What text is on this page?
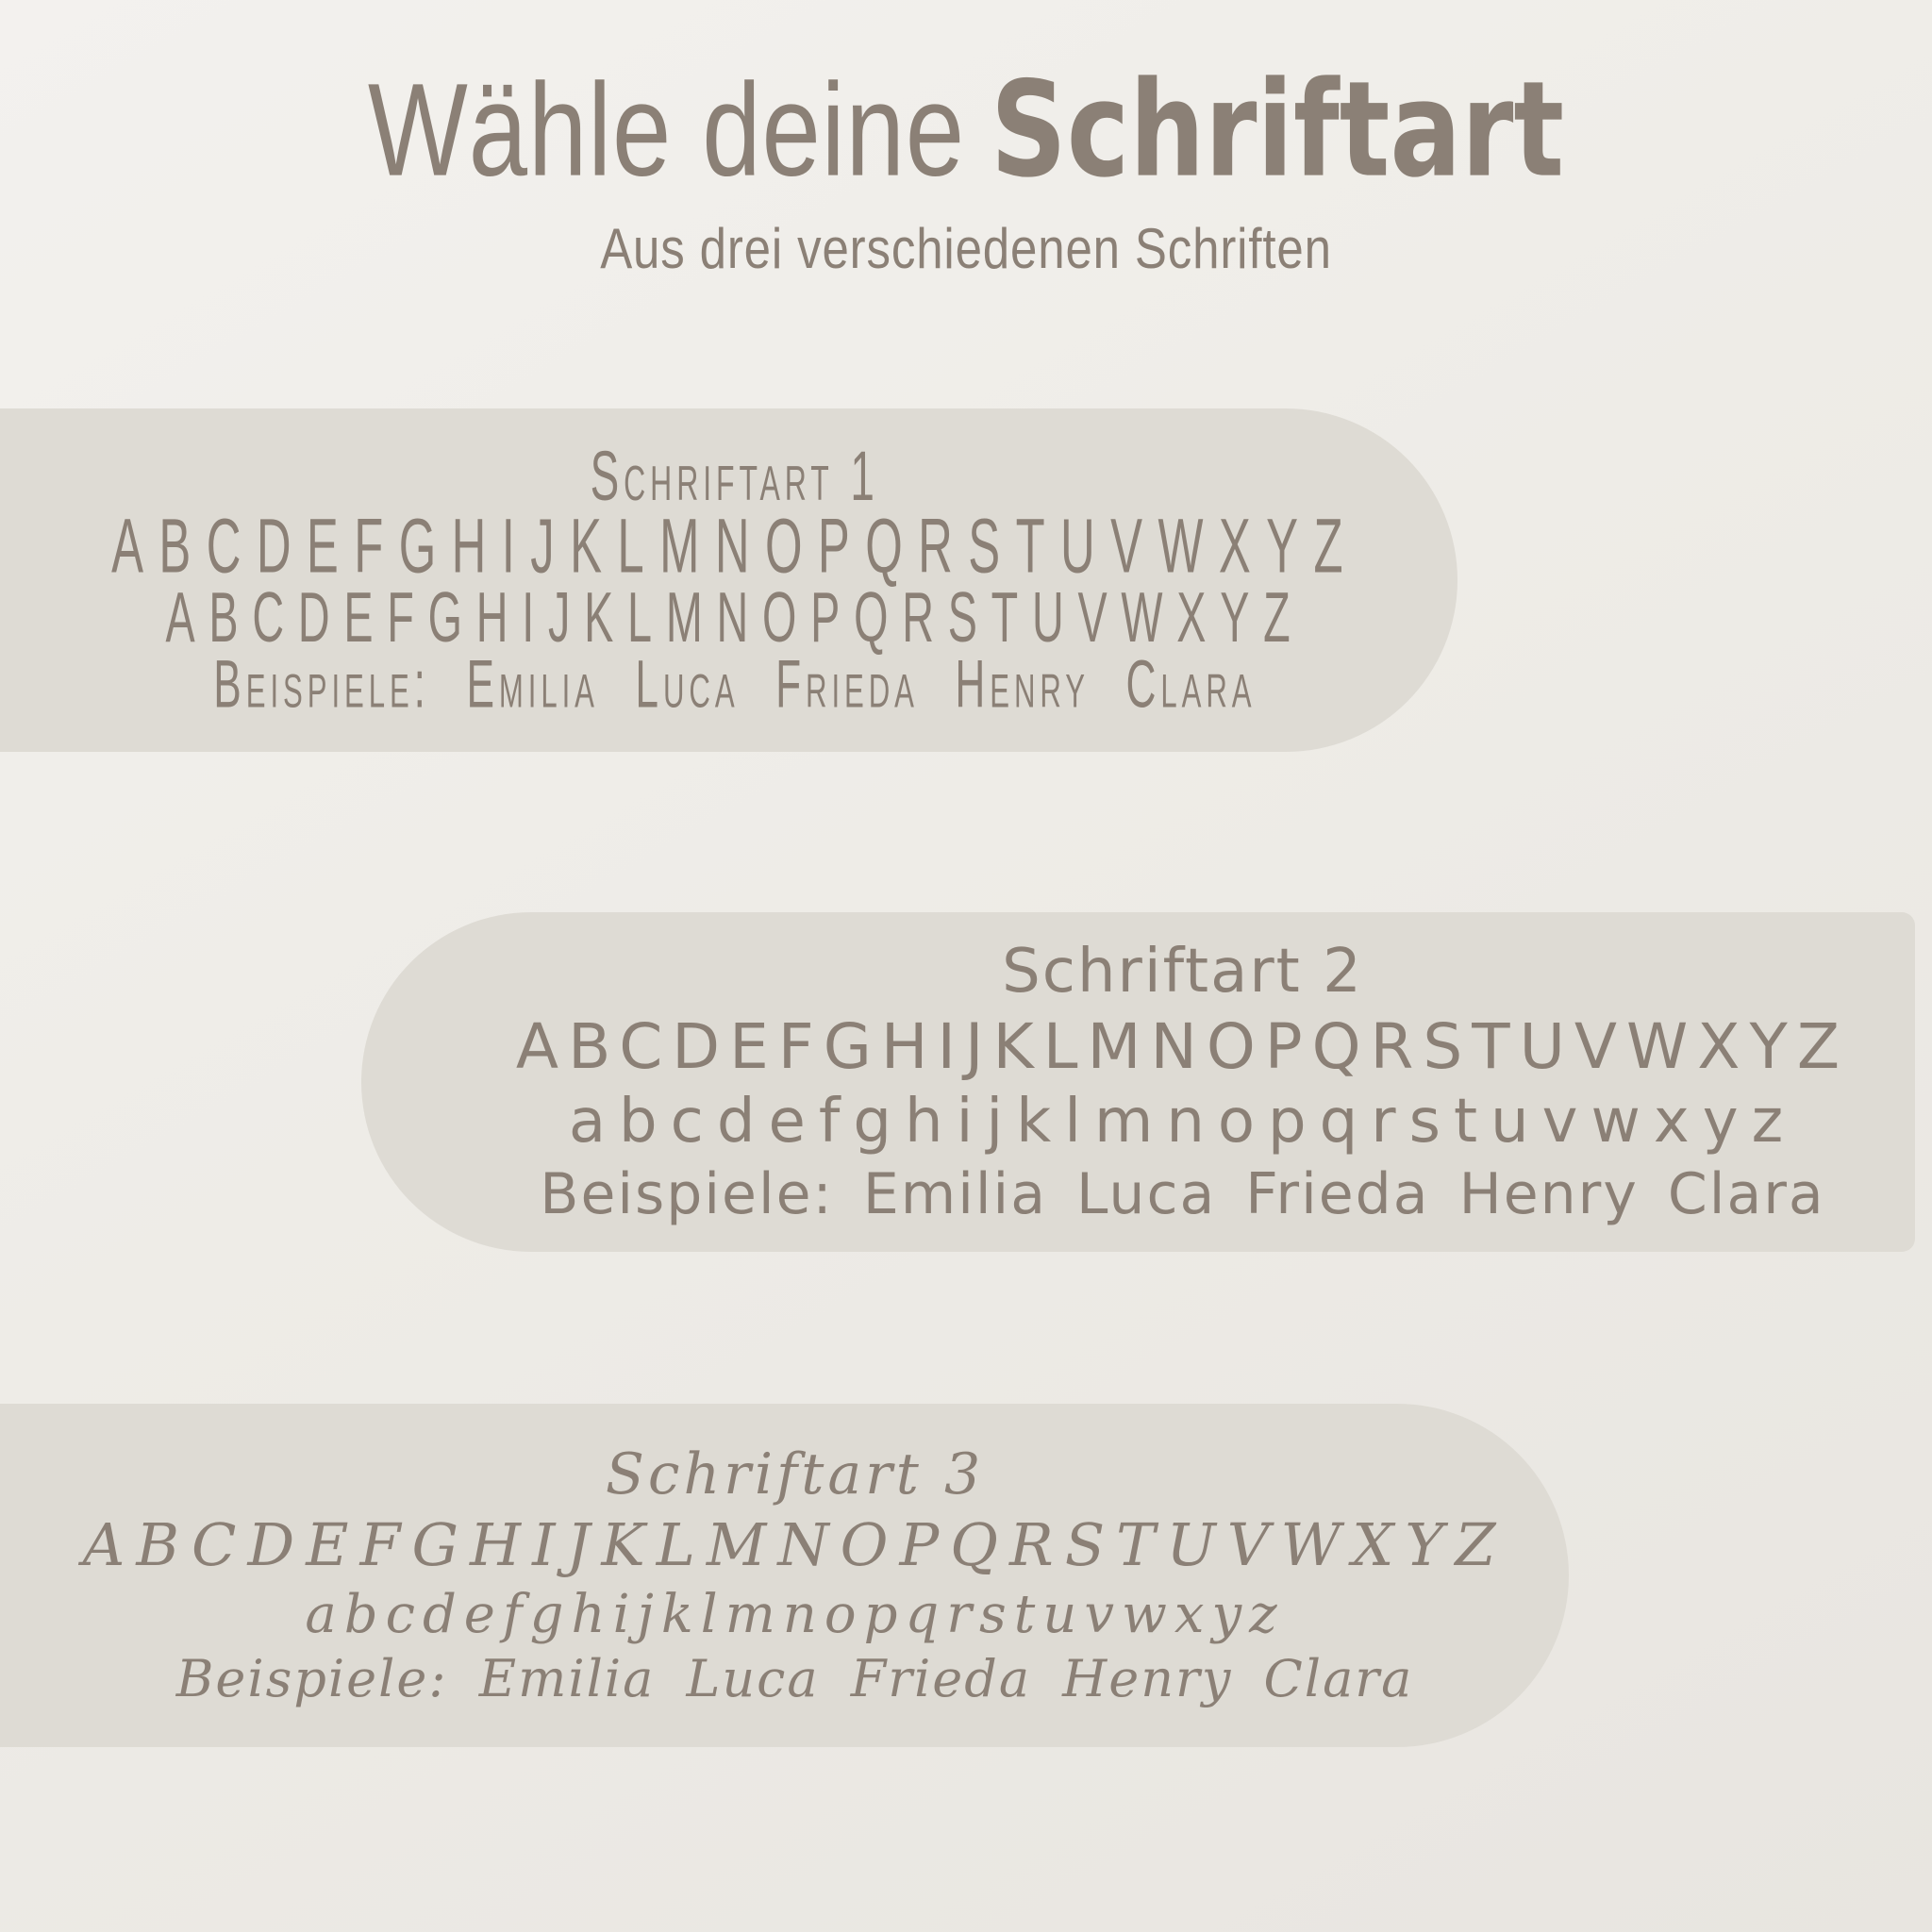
Wähle deine Schriftart

Aus drei verschiedenen Schriften

Schriftart 1
ABCDEFGHIJKLMNOPQRSTUVWXYZ
ABCDEFGHIJKLMNOPQRSTUVWXYZ
Beispiele: Emilia Luca Frieda Henry Clara
Schriftart 2
ABCDEFGHIJKLMNOPQRSTUVWXYZ
abcdefghijklmnopqrstuvwxyz
Beispiele: Emilia Luca Frieda Henry Clara
Schriftart 3
ABCDEFGHIJKLMNOPQRSTUVWXYZ
abcdefghijklmnopqrstuvwxyz
Beispiele: Emilia Luca Frieda Henry Clara
